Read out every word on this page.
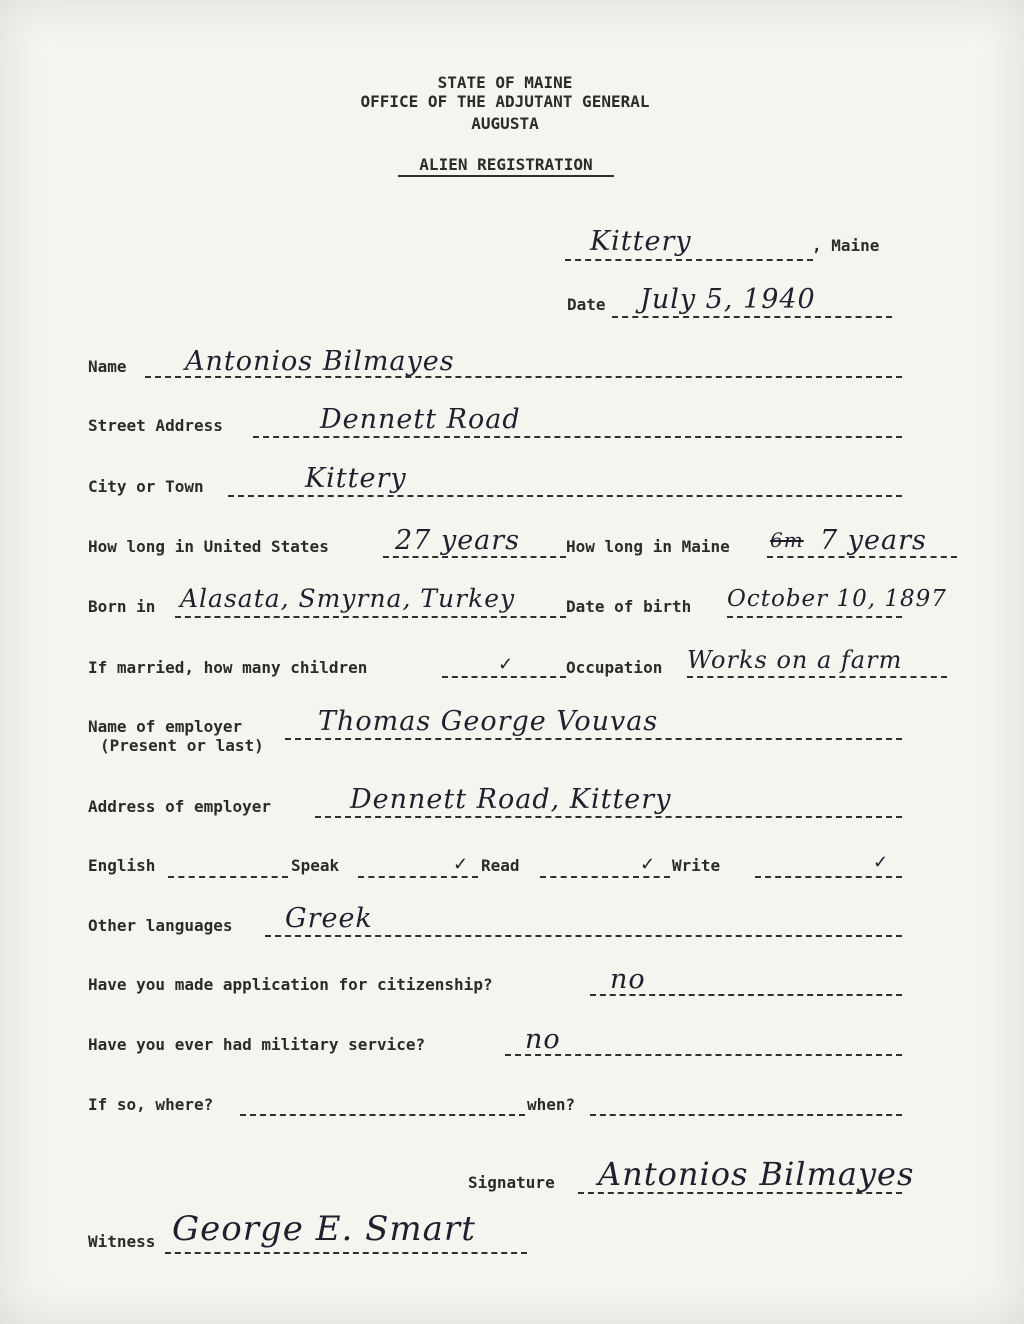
STATE OF MAINE
OFFICE OF THE ADJUTANT GENERAL
AUGUSTA
ALIEN REGISTRATION
Kittery	, Maine
Date July 5, 1940
Name Antonios Bilmayes
Street Address	Dennett Road
City or Town	Kittery
How long in United States 27 years	How long in Maine 6m 7 years
Born in Alasata, Smyrna, Turkey	Date of birth October 10, 1897
If married, how many children	✓	Occupation Works on a farm
Name of employer
(Present or last)
Thomas George Vouvas
Address of employer	Dennett Road, Kittery
English	Speak	✓ Read	✓ Write	✓
Other languages Greek
Have you made application for citizenship?	no
Have you ever had military service?	no
If so, where?	when?
Signature Antonios Bilmayes
Witness George E. Smart
